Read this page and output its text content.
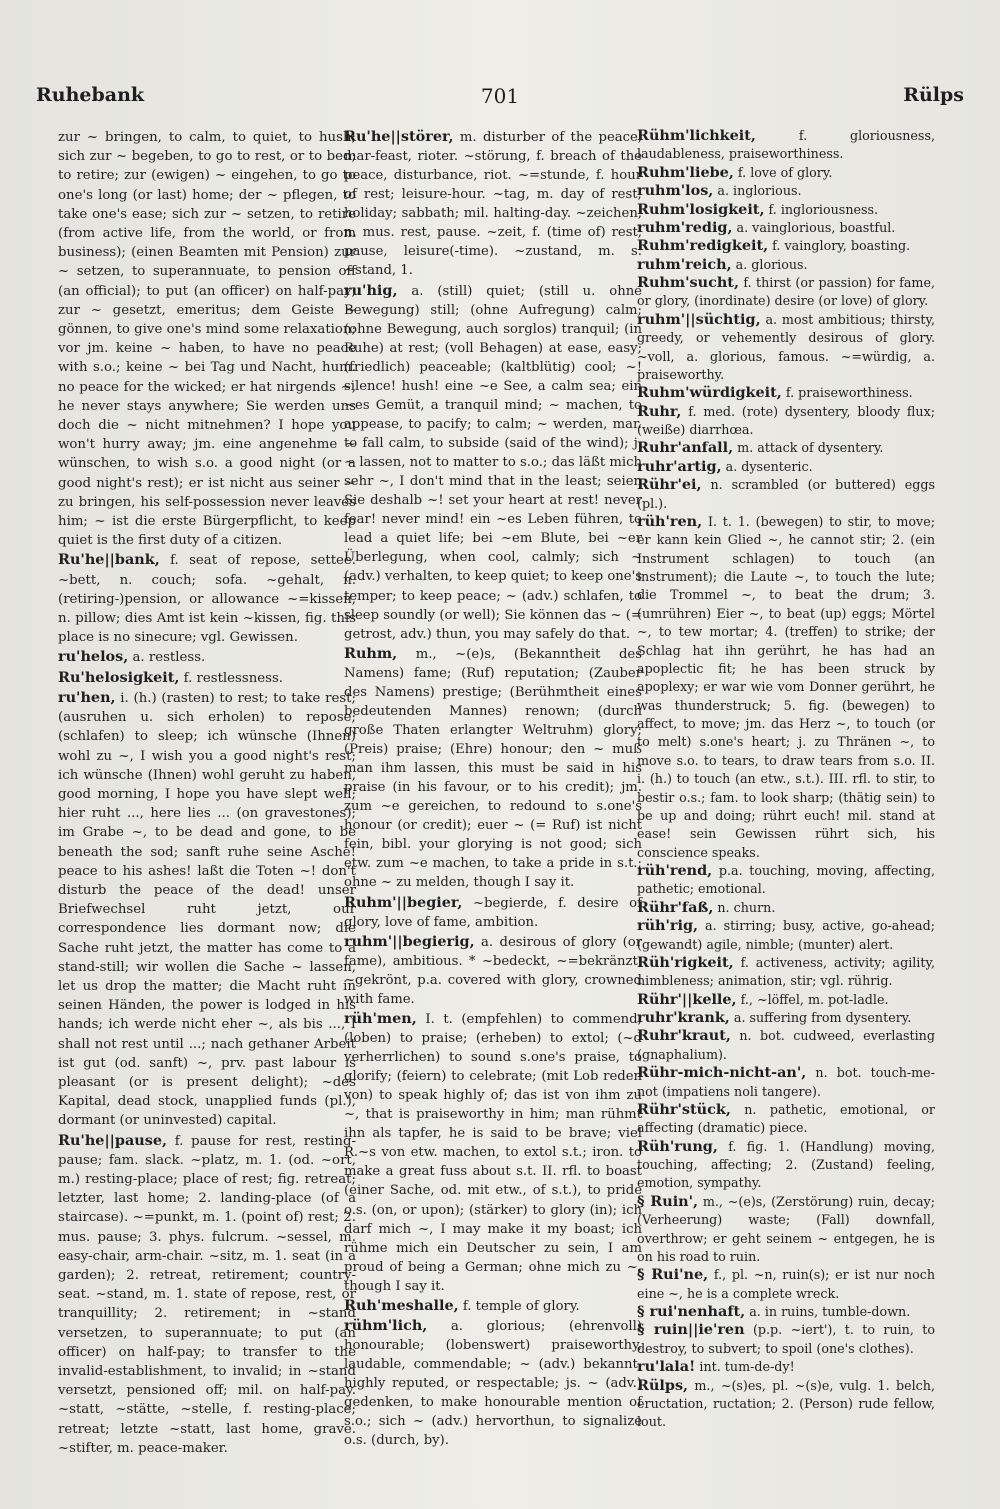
Ruhebank	701	Rülps

zur ~ bringen, to calm, to quiet, to hush; sich zur ~ begeben, to go to rest, or to bed; to retire; zur (ewigen) ~ eingehen, to go to one's long (or last) home; der ~ pflegen, to take one's ease; sich zur ~ setzen, to retire (from active life, from the world, or from business); (einen Beamten mit Pension) zur ~ setzen, to superannuate, to pension off (an official); to put (an officer) on half-pay; zur ~ gesetzt, emeritus; dem Geiste ~ gönnen, to give one's mind some relaxation; vor jm. keine ~ haben, to have no peace with s.o.; keine ~ bei Tag und Nacht, hum. no peace for the wicked; er hat nirgends ~, he never stays anywhere; Sie werden uns doch die ~ nicht mitnehmen? I hope you won't hurry away; jm. eine angenehme ~ wünschen, to wish s.o. a good night (or a good night's rest); er ist nicht aus seiner ~ zu bringen, his self-possession never leaves him; ~ ist die erste Bürgerpflicht, to keep quiet is the first duty of a citizen.

Ru'he||bank, f. seat of repose, settee. ~bett, n. couch; sofa. ~gehalt, n. (retiring-)pension, or allowance ~=kissen, n. pillow; dies Amt ist kein ~kissen, fig. this place is no sinecure; vgl. Gewissen.

ru'helos, a. restless.

Ru'helosigkeit, f. restlessness.

ru'hen, i. (h.) (rasten) to rest; to take rest; (ausruhen u. sich erholen) to repose; (schlafen) to sleep; ich wünsche (Ihnen) wohl zu ~, I wish you a good night's rest; ich wünsche (Ihnen) wohl geruht zu haben, good morning, I hope you have slept well; hier ruht ..., here lies ... (on gravestones); im Grabe ~, to be dead and gone, to be beneath the sod; sanft ruhe seine Asche! peace to his ashes! laßt die Toten ~! don't disturb the peace of the dead! unser Briefwechsel ruht jetzt, our correspondence lies dormant now; die Sache ruht jetzt, the matter has come to a stand-still; wir wollen die Sache ~ lassen, let us drop the matter; die Macht ruht in seinen Händen, the power is lodged in his hands; ich werde nicht eher ~, als bis ..., I shall not rest until ...; nach gethaner Arbeit ist gut (od. sanft) ~, prv. past labour is pleasant (or is present delight); ~des Kapital, dead stock, unapplied funds (pl.), dormant (or uninvested) capital.

Ru'he||pause, f. pause for rest, resting-pause; fam. slack. ~platz, m. 1. (od. ~ort, m.) resting-place; place of rest; fig. retreat; letzter, last home; 2. landing-place (of a staircase). ~=punkt, m. 1. (point of) rest; 2. mus. pause; 3. phys. fulcrum. ~sessel, m. easy-chair, arm-chair. ~sitz, m. 1. seat (in a garden); 2. retreat, retirement; country-seat. ~stand, m. 1. state of repose, rest, or tranquillity; 2. retirement; in ~stand versetzen, to superannuate; to put (an officer) on half-pay; to transfer to the invalid-establishment, to invalid; in ~stand versetzt, pensioned off; mil. on half-pay. ~statt, ~stätte, ~stelle, f. resting-place; retreat; letzte ~statt, last home, grave. ~stifter, m. peace-maker.

Ru'he||störer, m. disturber of the peace, mar-feast, rioter. ~störung, f. breach of the peace, disturbance, riot. ~=stunde, f. hour of rest; leisure-hour. ~tag, m. day of rest; holiday; sabbath; mil. halting-day. ~zeichen, n. mus. rest, pause. ~zeit, f. (time of) rest, pause, leisure(-time). ~zustand, m. s. ~stand, 1.

ru'hig, a. (still) quiet; (still u. ohne Bewegung) still; (ohne Aufregung) calm; (ohne Bewegung, auch sorglos) tranquil; (in Ruhe) at rest; (voll Behagen) at ease, easy; (friedlich) peaceable; (kaltblütig) cool; ~! silence! hush! eine ~e See, a calm sea; ein ~es Gemüt, a tranquil mind; ~ machen, to appease, to pacify; to calm; ~ werden, mar. to fall calm, to subside (said of the wind); j. ~ lassen, not to matter to s.o.; das läßt mich sehr ~, I don't mind that in the least; seien Sie deshalb ~! set your heart at rest! never fear! never mind! ein ~es Leben führen, to lead a quiet life; bei ~em Blute, bei ~er Überlegung, when cool, calmly; sich ~ (adv.) verhalten, to keep quiet; to keep one's temper; to keep peace; ~ (adv.) schlafen, to sleep soundly (or well); Sie können das ~ (= getrost, adv.) thun, you may safely do that.

Ruhm, m., ~(e)s, (Bekanntheit des Namens) fame; (Ruf) reputation; (Zauber des Namens) prestige; (Berühmtheit eines bedeutenden Mannes) renown; (durch große Thaten erlangter Weltruhm) glory; (Preis) praise; (Ehre) honour; den ~ muß man ihm lassen, this must be said in his praise (in his favour, or to his credit); jm. zum ~e gereichen, to redound to s.one's honour (or credit); euer ~ (= Ruf) ist nicht fein, bibl. your glorying is not good; sich etw. zum ~e machen, to take a pride in s.t.; ohne ~ zu melden, though I say it.

Ruhm'||begier, ~begierde, f. desire of glory, love of fame, ambition.

ruhm'||begierig, a. desirous of glory (or fame), ambitious. * ~bedeckt, ~=bekränzt, ~gekrönt, p.a. covered with glory, crowned with fame.

rüh'men, I. t. (empfehlen) to commend; (loben) to praise; (erheben) to extol; (~d verherrlichen) to sound s.one's praise, to glorify; (feiern) to celebrate; (mit Lob reden von) to speak highly of; das ist von ihm zu ~, that is praiseworthy in him; man rühmt ihn als tapfer, he is said to be brave; viel R.~s von etw. machen, to extol s.t.; iron. to make a great fuss about s.t. II. rfl. to boast (einer Sache, od. mit etw., of s.t.), to pride o.s. (on, or upon); (stärker) to glory (in); ich darf mich ~, I may make it my boast; ich rühme mich ein Deutscher zu sein, I am proud of being a German; ohne mich zu ~, though I say it.

Ruh'meshalle, f. temple of glory.

rühm'lich, a. glorious; (ehrenvoll) honourable; (lobenswert) praiseworthy, laudable, commendable; ~ (adv.) bekannt, highly reputed, or respectable; js. ~ (adv.) gedenken, to make honourable mention of s.o.; sich ~ (adv.) hervorthun, to signalize o.s. (durch, by).

Rühm'lichkeit,	f. gloriousness, laudableness, praiseworthiness.

Ruhm'liebe, f. love of glory.

ruhm'los, a. inglorious.

Ruhm'losigkeit, f. ingloriousness.

ruhm'redig, a. vainglorious, boastful.

Ruhm'redigkeit, f. vainglory, boasting.

ruhm'reich, a. glorious.

Ruhm'sucht, f. thirst (or passion) for fame, or glory, (inordinate) desire (or love) of glory.

ruhm'||süchtig, a. most ambitious; thirsty, greedy, or vehemently desirous of glory. ~voll, a. glorious, famous. ~=würdig, a. praiseworthy.

Ruhm'würdigkeit, f. praiseworthiness.

Ruhr, f. med. (rote) dysentery, bloody flux; (weiße) diarrhœa.

Ruhr'anfall, m. attack of dysentery.

ruhr'artig, a. dysenteric.

Rühr'ei, n. scrambled (or buttered) eggs (pl.).

rüh'ren, I. t. 1. (bewegen) to stir, to move; er kann kein Glied ~, he cannot stir; 2. (ein Instrument schlagen) to touch (an instrument); die Laute ~, to touch the lute; die Trommel ~, to beat the drum; 3. (umrühren) Eier ~, to beat (up) eggs; Mörtel ~, to tew mortar; 4. (treffen) to strike; der Schlag hat ihn gerührt, he has had an apoplectic fit; he has been struck by apoplexy; er war wie vom Donner gerührt, he was thunderstruck; 5. fig. (bewegen) to affect, to move; jm. das Herz ~, to touch (or to melt) s.one's heart; j. zu Thränen ~, to move s.o. to tears, to draw tears from s.o. II. i. (h.) to touch (an etw., s.t.). III. rfl. to stir, to bestir o.s.; fam. to look sharp; (thätig sein) to be up and doing; rührt euch! mil. stand at ease! sein Gewissen rührt sich, his conscience speaks.

rüh'rend, p.a. touching, moving, affecting, pathetic; emotional.

Rühr'faß, n. churn.

rüh'rig, a. stirring; busy, active, go-ahead; (gewandt) agile, nimble; (munter) alert.

Rüh'rigkeit, f. activeness, activity; agility, nimbleness; animation, stir; vgl. rührig.

Rühr'||kelle, f., ~löffel, m. pot-ladle.

ruhr'krank, a. suffering from dysentery.

Ruhr'kraut, n. bot. cudweed, everlasting (gnaphalium).

Rühr-mich-nicht-an', n. bot. touch-me-not (impatiens noli tangere).

Rühr'stück, n. pathetic, emotional, or affecting (dramatic) piece.

Rüh'rung, f. fig. 1. (Handlung) moving, touching, affecting; 2. (Zustand) feeling, emotion, sympathy.

§ Ruin', m., ~(e)s, (Zerstörung) ruin, decay; (Verheerung) waste; (Fall) downfall, overthrow; er geht seinem ~ entgegen, he is on his road to ruin.

§ Rui'ne, f., pl. ~n, ruin(s); er ist nur noch eine ~, he is a complete wreck.

§ rui'nenhaft, a. in ruins, tumble-down.

§ ruin||ie'ren (p.p. ~iert'), t. to ruin, to destroy, to subvert; to spoil (one's clothes).

ru'lala! int. tum-de-dy!

Rülps, m., ~(s)es, pl. ~(s)e, vulg. 1. belch, eructation, ructation; 2. (Person) rude fellow, lout.
